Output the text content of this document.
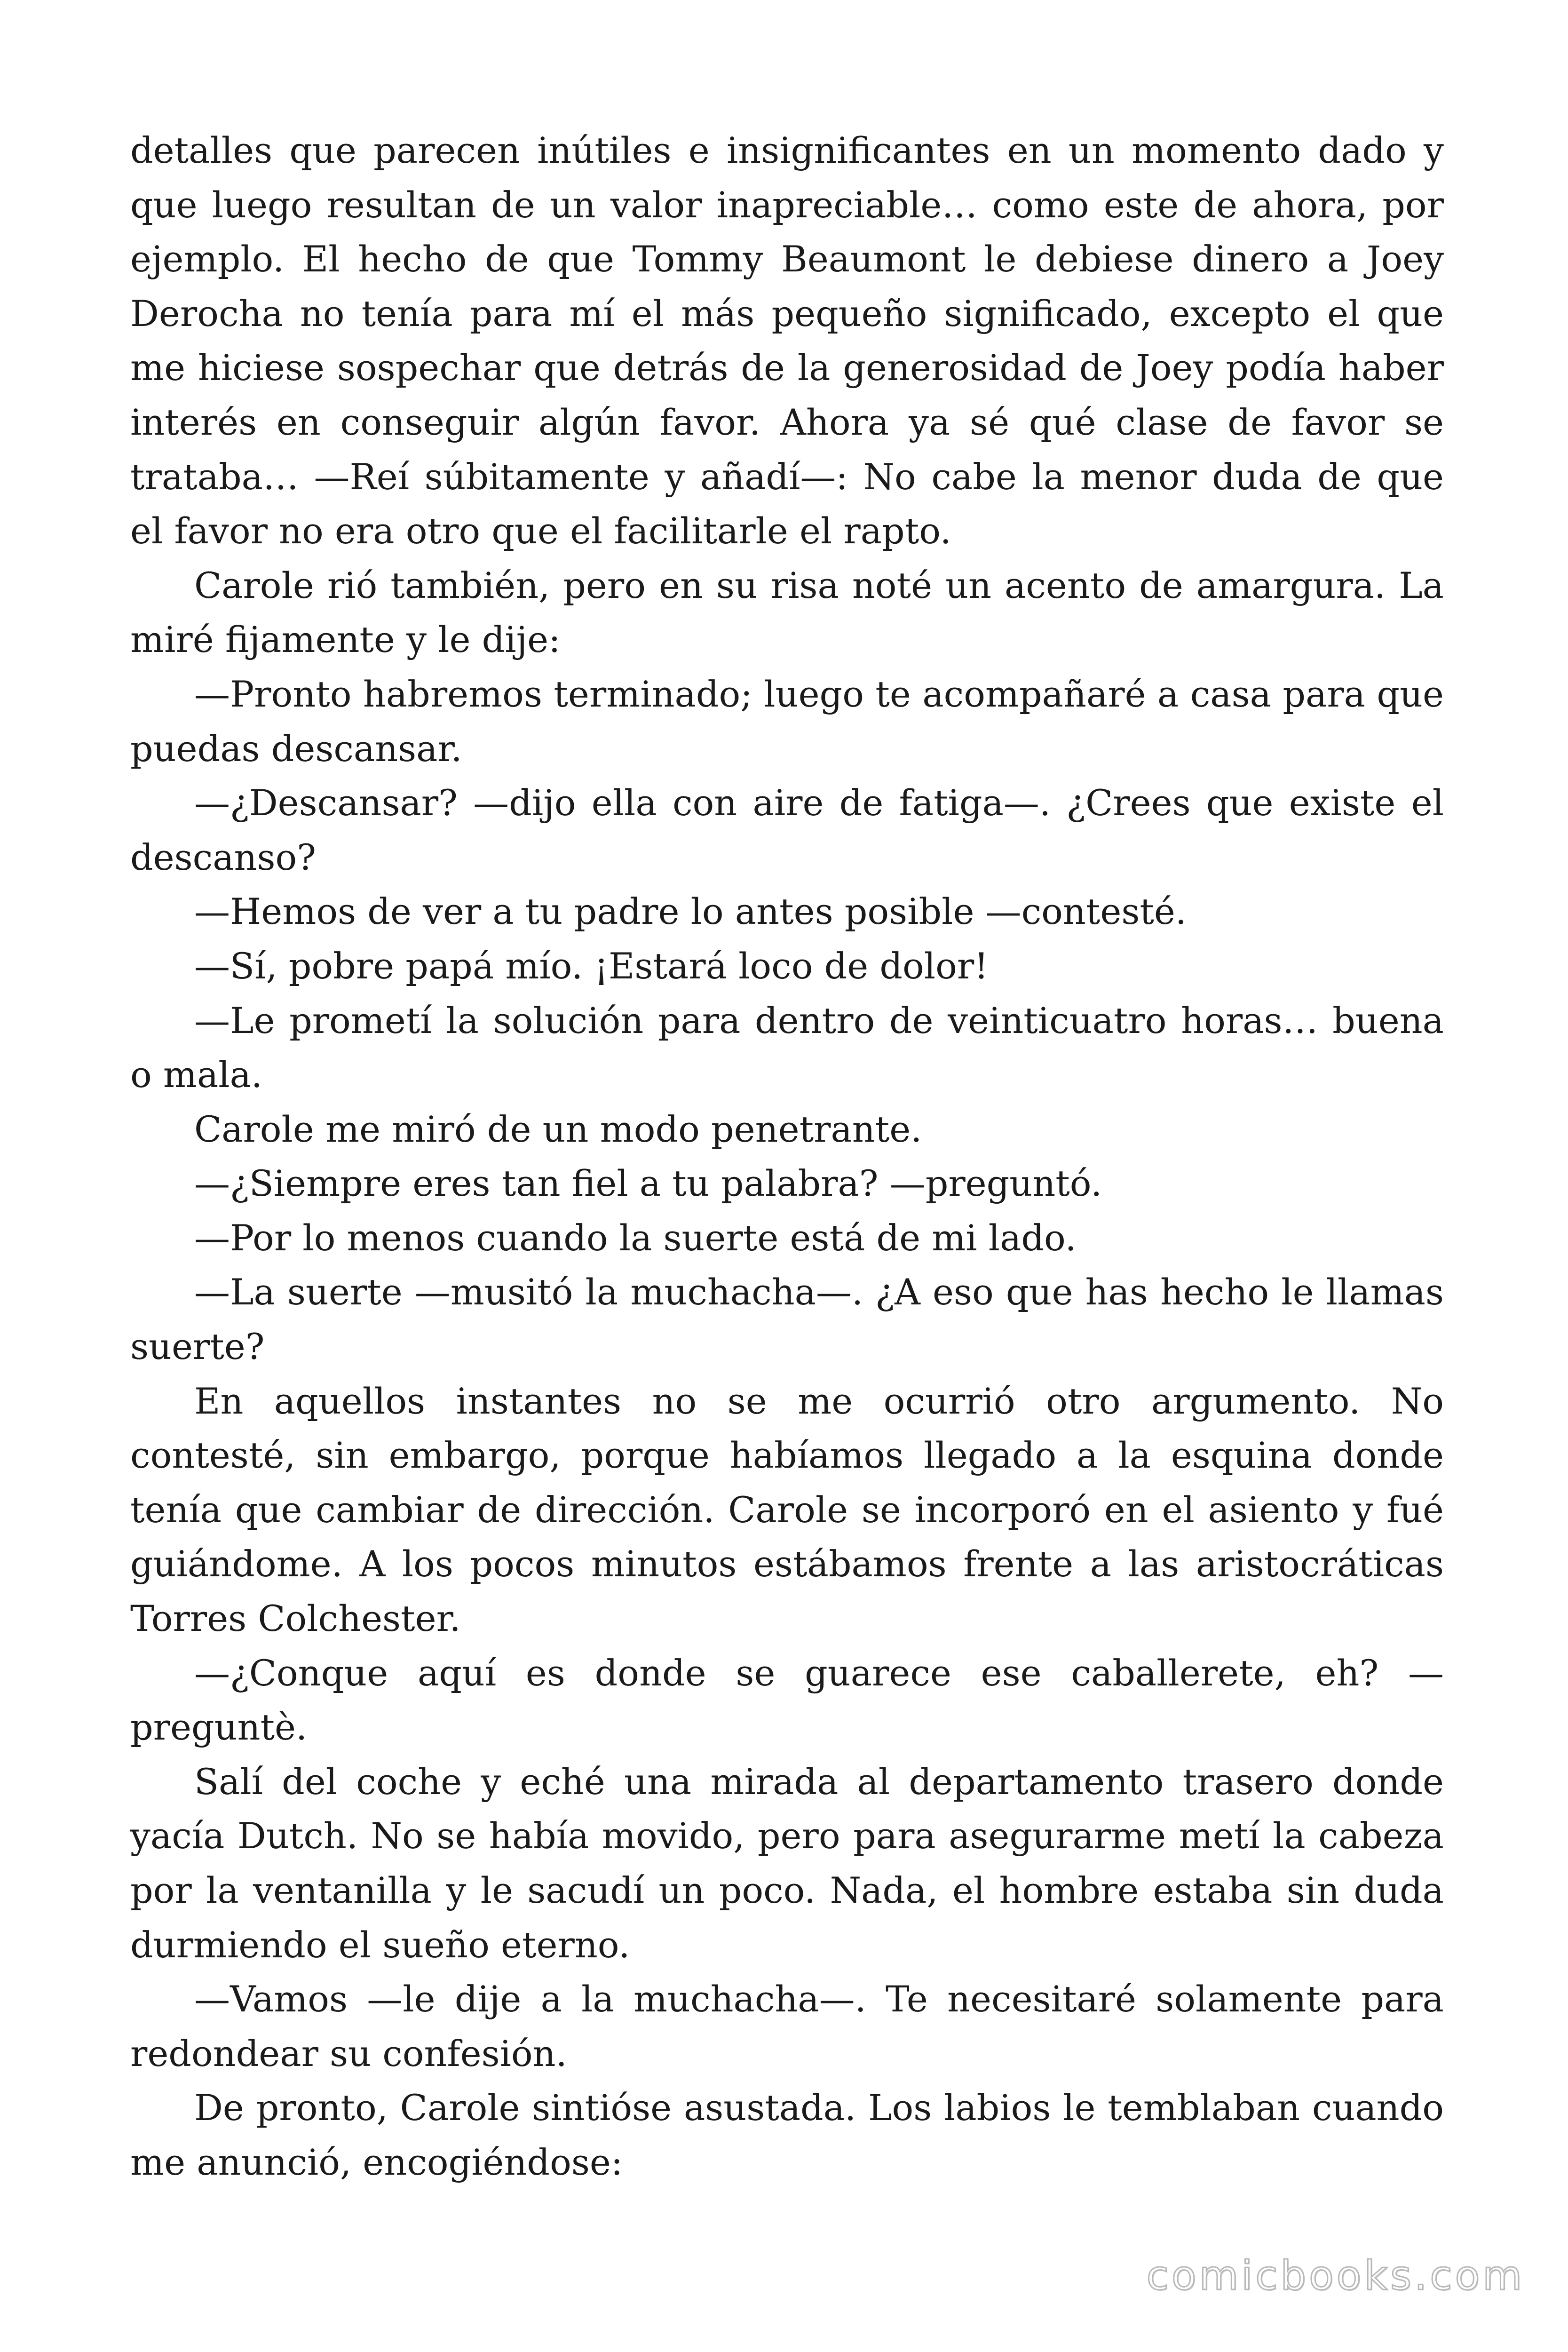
detalles que parecen inútiles e insignificantes en un momento dado y que luego resultan de un valor inapreciable… como este de ahora, por ejemplo. El hecho de que Tommy Beaumont le debiese dinero a Joey Derocha no tenía para mí el más pequeño significado, excepto el que me hiciese sospechar que detrás de la generosidad de Joey podía haber interés en conseguir algún favor. Ahora ya sé qué clase de favor se trataba… —Reí súbitamente y añadí—: No cabe la menor duda de que el favor no era otro que el facilitarle el rapto.

Carole rió también, pero en su risa noté un acento de amargura. La miré fijamente y le dije:

—Pronto habremos terminado; luego te acompañaré a casa para que puedas descansar.

—¿Descansar? —dijo ella con aire de fatiga—. ¿Crees que existe el descanso?

—Hemos de ver a tu padre lo antes posible —contesté.

—Sí, pobre papá mío. ¡Estará loco de dolor!

—Le prometí la solución para dentro de veinticuatro horas… buena o mala.

Carole me miró de un modo penetrante.

—¿Siempre eres tan fiel a tu palabra? —preguntó.

—Por lo menos cuando la suerte está de mi lado.

—La suerte —musitó la muchacha—. ¿A eso que has hecho le llamas suerte?

En aquellos instantes no se me ocurrió otro argumento. No contesté, sin embargo, porque habíamos llegado a la esquina donde tenía que cambiar de dirección. Carole se incorporó en el asiento y fué guiándome. A los pocos minutos estábamos frente a las aristocráticas Torres Colchester.

—¿Conque aquí es donde se guarece ese caballerete, eh? —preguntè.

Salí del coche y eché una mirada al departamento trasero donde yacía Dutch. No se había movido, pero para asegurarme metí la cabeza por la ventanilla y le sacudí un poco. Nada, el hombre estaba sin duda durmiendo el sueño eterno.

—Vamos —le dije a la muchacha—. Te necesitaré solamente para redondear su confesión.

De pronto, Carole sintióse asustada. Los labios le temblaban cuando me anunció, encogiéndose:

comicbooks.com
